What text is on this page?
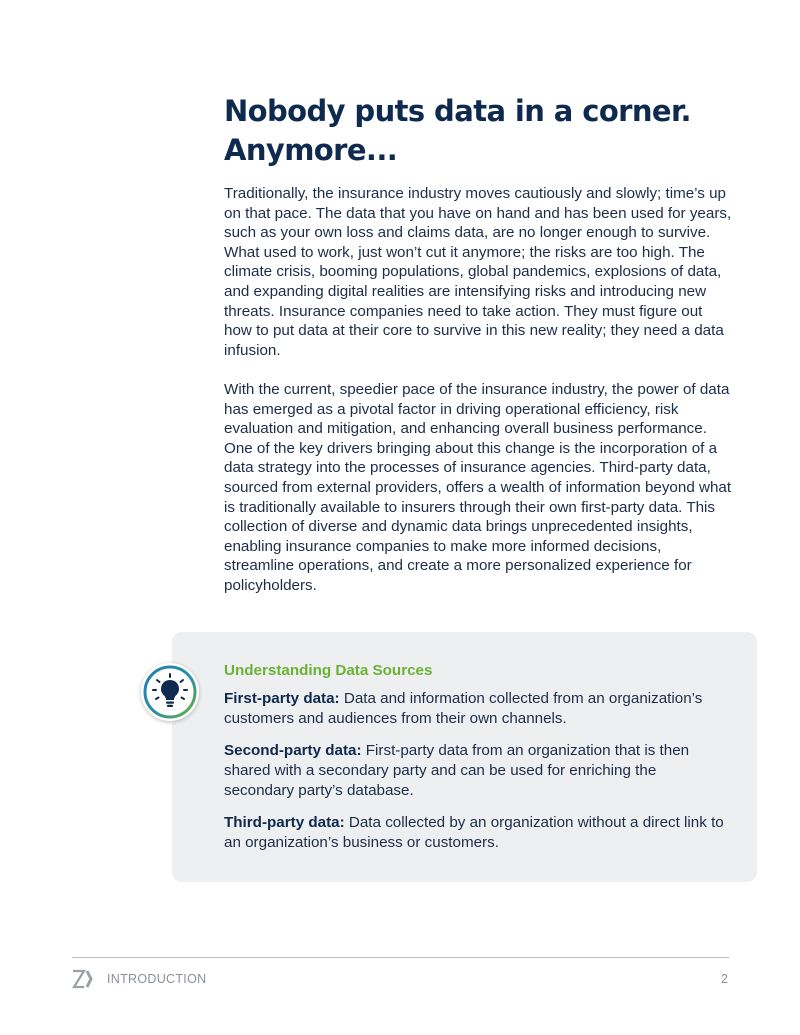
Nobody puts data in a corner.
Anymore...

Traditionally, the insurance industry moves cautiously and slowly; time’s up on that pace. The data that you have on hand and has been used for years, such as your own loss and claims data, are no longer enough to survive. What used to work, just won’t cut it anymore; the risks are too high. The climate crisis, booming populations, global pandemics, explosions of data, and expanding digital realities are intensifying risks and introducing new threats. Insurance companies need to take action. They must figure out how to put data at their core to survive in this new reality; they need a data infusion.

With the current, speedier pace of the insurance industry, the power of data has emerged as a pivotal factor in driving operational efficiency, risk evaluation and mitigation, and enhancing overall business performance. One of the key drivers bringing about this change is the incorporation of a data strategy into the processes of insurance agencies. Third-party data, sourced from external providers, offers a wealth of information beyond what is traditionally available to insurers through their own first-party data. This collection of diverse and dynamic data brings unprecedented insights, enabling insurance companies to make more informed decisions, streamline operations, and create a more personalized experience for policyholders.

Understanding Data Sources

First-party data: Data and information collected from an organization’s customers and audiences from their own channels.

Second-party data: First-party data from an organization that is then shared with a secondary party and can be used for enriching the secondary party’s database.

Third-party data: Data collected by an organization without a direct link to an organization’s business or customers.

INTRODUCTION	2
